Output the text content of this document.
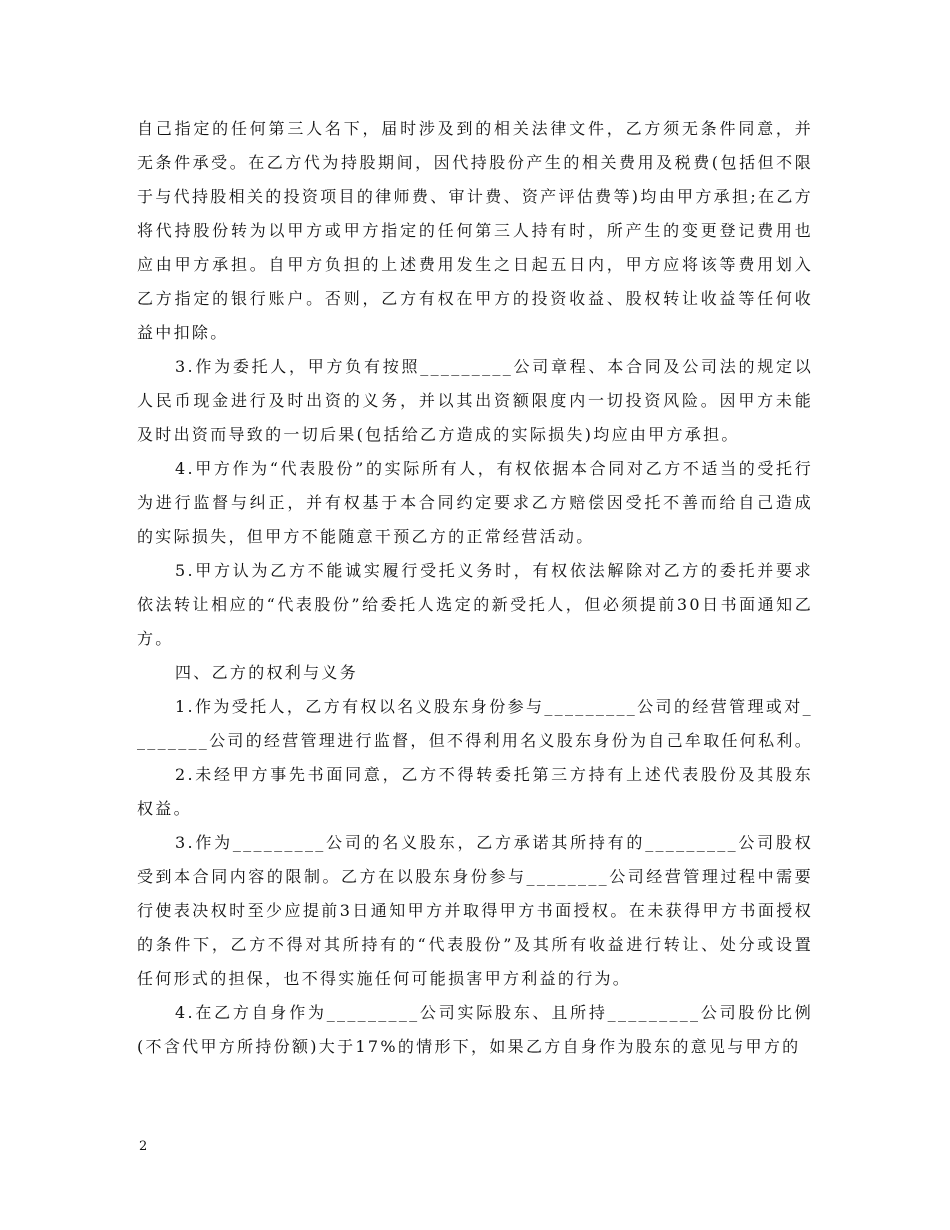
自己指定的任何第三人名下，届时涉及到的相关法律文件，乙方须无条件同意，并无条件承受。在乙方代为持股期间，因代持股份产生的相关费用及税费(包括但不限于与代持股相关的投资项目的律师费、审计费、资产评估费等)均由甲方承担;在乙方将代持股份转为以甲方或甲方指定的任何第三人持有时，所产生的变更登记费用也应由甲方承担。自甲方负担的上述费用发生之日起五日内，甲方应将该等费用划入乙方指定的银行账户。否则，乙方有权在甲方的投资收益、股权转让收益等任何收益中扣除。

3.作为委托人，甲方负有按照_________公司章程、本合同及公司法的规定以人民币现金进行及时出资的义务，并以其出资额限度内一切投资风险。因甲方未能及时出资而导致的一切后果(包括给乙方造成的实际损失)均应由甲方承担。

4.甲方作为“代表股份”的实际所有人，有权依据本合同对乙方不适当的受托行为进行监督与纠正，并有权基于本合同约定要求乙方赔偿因受托不善而给自己造成的实际损失，但甲方不能随意干预乙方的正常经营活动。

5.甲方认为乙方不能诚实履行受托义务时，有权依法解除对乙方的委托并要求依法转让相应的“代表股份”给委托人选定的新受托人，但必须提前30日书面通知乙方。

四、乙方的权利与义务

1.作为受托人，乙方有权以名义股东身份参与_________公司的经营管理或对________公司的经营管理进行监督，但不得利用名义股东身份为自己牟取任何私利。

2.未经甲方事先书面同意，乙方不得转委托第三方持有上述代表股份及其股东权益。

3.作为_________公司的名义股东，乙方承诺其所持有的_________公司股权受到本合同内容的限制。乙方在以股东身份参与________公司经营管理过程中需要行使表决权时至少应提前3日通知甲方并取得甲方书面授权。在未获得甲方书面授权的条件下，乙方不得对其所持有的“代表股份”及其所有收益进行转让、处分或设置任何形式的担保，也不得实施任何可能损害甲方利益的行为。

4.在乙方自身作为_________公司实际股东、且所持_________公司股份比例(不含代甲方所持份额)大于17%的情形下，如果乙方自身作为股东的意见与甲方的

2
